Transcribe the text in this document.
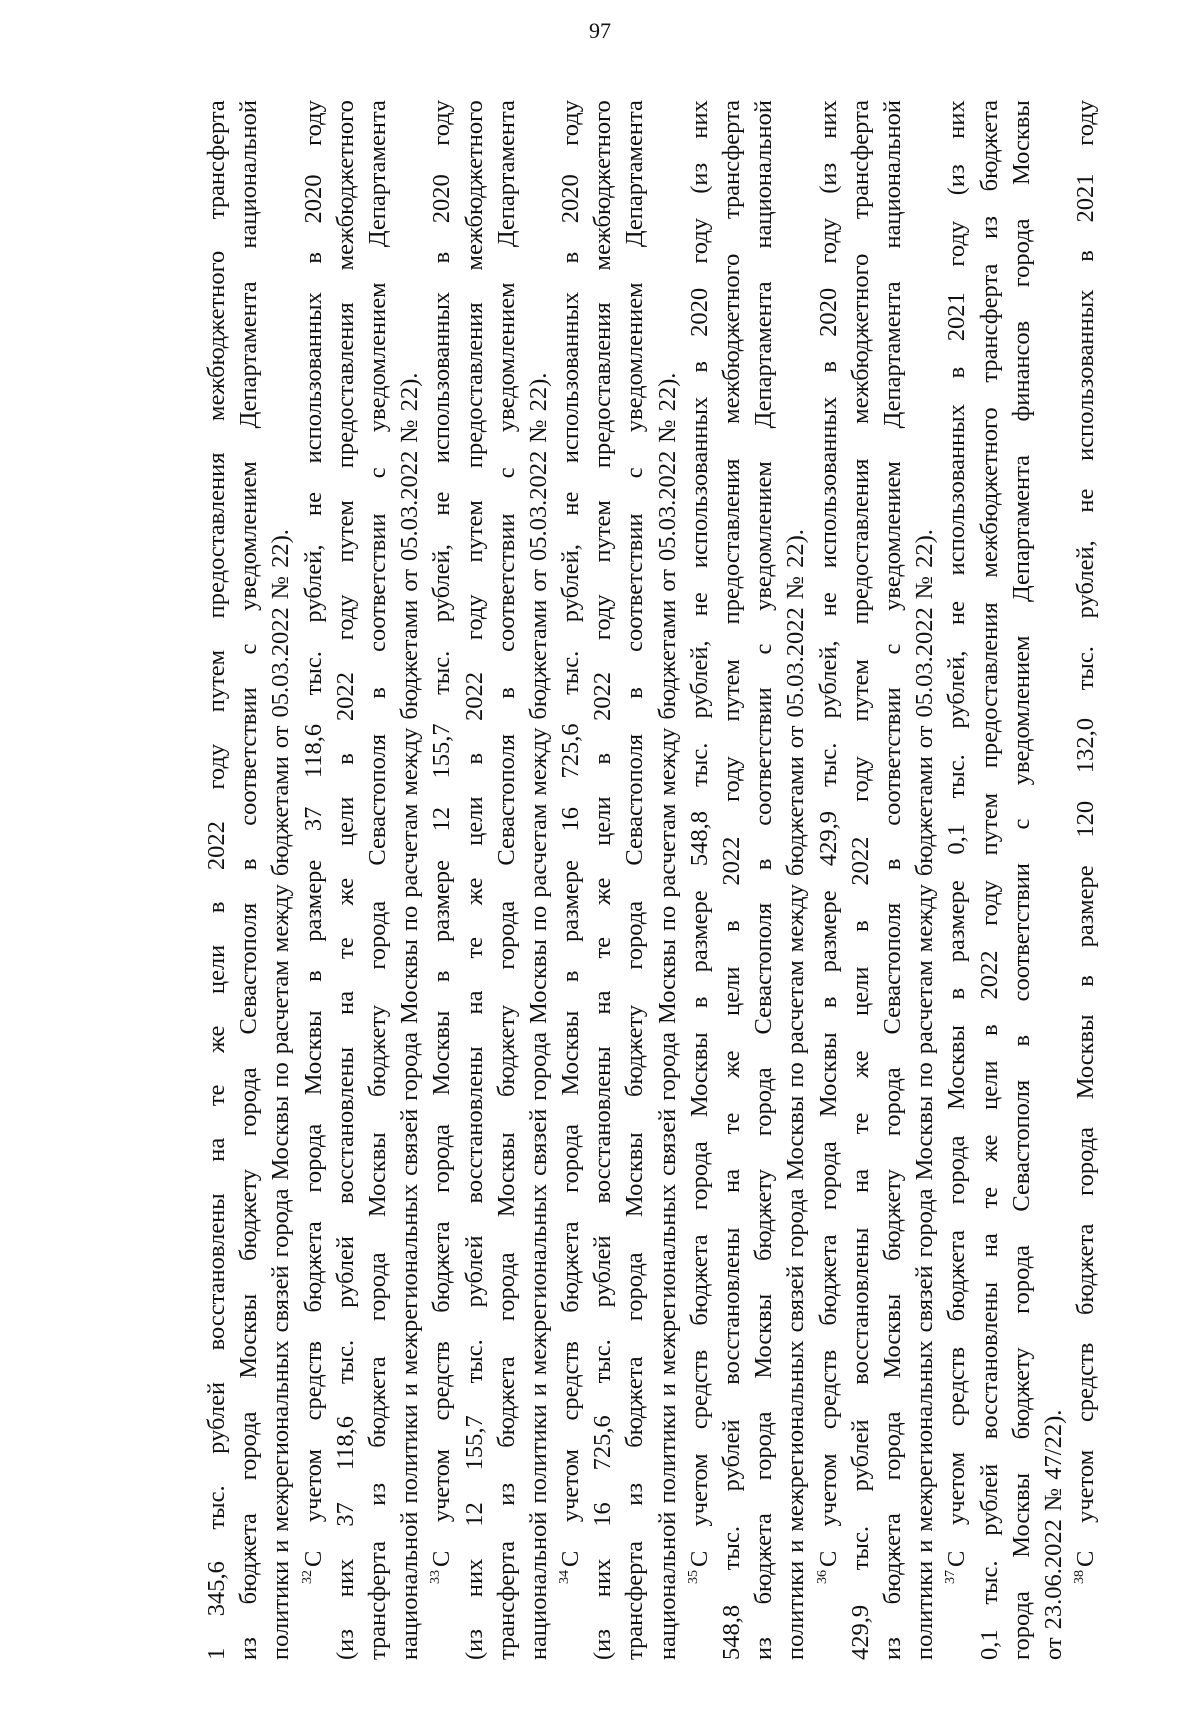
97
1
345,6
тыс.
рублей
восстановлены
на
те
же
цели
в
2022
году
путем
предоставления
межбюджетного
трансферта
из
бюджета
города
Москвы
бюджету
города
Севастополя
в
соответствии
с
уведомлением
Департамента
национальной
политики
и
межрегиональных
связей
города
Москвы
по
расчетам
между
бюджетами
от
05.03.2022
№
22).
$^{32}$С
учетом
средств
бюджета
города
Москвы
в
размере
37
118,6
тыс.
рублей,
не
использованных
в
2020
году
(из
них
37
118,6
тыс.
рублей
восстановлены
на
те
же
цели
в
2022
году
путем
предоставления
межбюджетного
трансферта
из
бюджета
города
Москвы
бюджету
города
Севастополя
в
соответствии
с
уведомлением
Департамента
национальной
политики
и
межрегиональных
связей
города
Москвы
по
расчетам
между
бюджетами
от
05.03.2022
№
22).
$^{33}$С
учетом
средств
бюджета
города
Москвы
в
размере
12
155,7
тыс.
рублей,
не
использованных
в
2020
году
(из
них
12
155,7
тыс.
рублей
восстановлены
на
те
же
цели
в
2022
году
путем
предоставления
межбюджетного
трансферта
из
бюджета
города
Москвы
бюджету
города
Севастополя
в
соответствии
с
уведомлением
Департамента
национальной
политики
и
межрегиональных
связей
города
Москвы
по
расчетам
между
бюджетами
от
05.03.2022
№
22).
$^{34}$С
учетом
средств
бюджета
города
Москвы
в
размере
16
725,6
тыс.
рублей,
не
использованных
в
2020
году
(из
них
16
725,6
тыс.
рублей
восстановлены
на
те
же
цели
в
2022
году
путем
предоставления
межбюджетного
трансферта
из
бюджета
города
Москвы
бюджету
города
Севастополя
в
соответствии
с
уведомлением
Департамента
национальной
политики
и
межрегиональных
связей
города
Москвы
по
расчетам
между
бюджетами
от
05.03.2022
№
22).
$^{35}$С
учетом
средств
бюджета
города
Москвы
в
размере
548,8
тыс.
рублей,
не
использованных
в
2020
году
(из
них
548,8
тыс.
рублей
восстановлены
на
те
же
цели
в
2022
году
путем
предоставления
межбюджетного
трансферта
из
бюджета
города
Москвы
бюджету
города
Севастополя
в
соответствии
с
уведомлением
Департамента
национальной
политики
и
межрегиональных
связей
города
Москвы
по
расчетам
между
бюджетами
от
05.03.2022
№
22).
$^{36}$С
учетом
средств
бюджета
города
Москвы
в
размере
429,9
тыс.
рублей,
не
использованных
в
2020
году
(из
них
429,9
тыс.
рублей
восстановлены
на
те
же
цели
в
2022
году
путем
предоставления
межбюджетного
трансферта
из
бюджета
города
Москвы
бюджету
города
Севастополя
в
соответствии
с
уведомлением
Департамента
национальной
политики
и
межрегиональных
связей
города
Москвы
по
расчетам
между
бюджетами
от
05.03.2022
№
22).
$^{37}$С
учетом
средств
бюджета
города
Москвы
в
размере
0,1
тыс.
рублей,
не
использованных
в
2021
году
(из
них
0,1
тыс.
рублей
восстановлены
на
те
же
цели
в
2022
году
путем
предоставления
межбюджетного
трансферта
из
бюджета
города
Москвы
бюджету
города
Севастополя
в
соответствии
с
уведомлением
Департамента
финансов
города
Москвы
от
23.06.2022
№
47/22).
$^{38}$С
учетом
средств
бюджета
города
Москвы
в
размере
120
132,0
тыс.
рублей,
не
использованных
в
2021
году
